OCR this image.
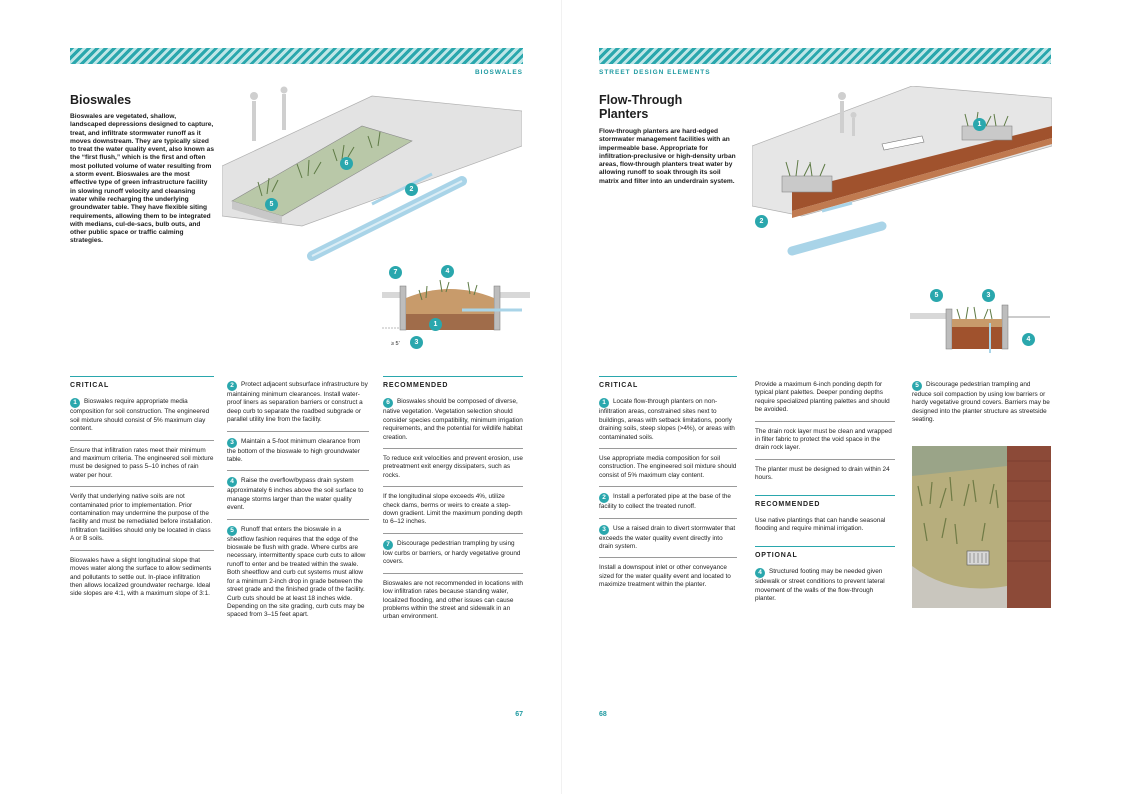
BIOSWALES
Bioswales
Bioswales are vegetated, shallow, landscaped depressions designed to capture, treat, and infiltrate stormwater runoff as it moves downstream. They are typically sized to treat the water quality event, also known as the “first flush,” which is the first and often most polluted volume of water resulting from a storm event. Bioswales are the most effective type of green infrastructure facility in slowing runoff velocity and cleansing water while recharging the underlying groundwater table. They have flexible siting requirements, allowing them to be integrated with medians, cul-de-sacs, bulb outs, and other public space or traffic calming strategies.
6
2
5
7	4
1
3
≥ 5'
CRITICAL
1 Bioswales require appropriate media composition for soil construction. The engineered soil mixture should consist of 5% maximum clay content.
Ensure that infiltration rates meet their minimum and maximum criteria. The engineered soil mixture must be designed to pass 5–10 inches of rain water per hour.
Verify that underlying native soils are not contaminated prior to implementation. Prior contamination may undermine the purpose of the facility and must be remediated before installation. Infiltration facilities should only be located in class A or B soils.
Bioswales have a slight longitudinal slope that moves water along the surface to allow sediments and pollutants to settle out. In-place infiltration then allows localized groundwater recharge. Ideal side slopes are 4:1, with a maximum slope of 3:1.
2 Protect adjacent subsurface infrastructure by maintaining minimum clearances. Install water-proof liners as separation barriers or construct a deep curb to separate the roadbed subgrade or parallel utility line from the facility.
3 Maintain a 5-foot minimum clearance from the bottom of the bioswale to high groundwater table.
4 Raise the overflow/bypass drain system approximately 6 inches above the soil surface to manage storms larger than the water quality event.
5 Runoff that enters the bioswale in a sheetflow fashion requires that the edge of the bioswale be flush with grade. Where curbs are necessary, intermittently space curb cuts to allow runoff to enter and be treated within the swale. Both sheetflow and curb cut systems must allow for a minimum 2-inch drop in grade between the street grade and the finished grade of the facility. Curb cuts should be at least 18 inches wide. Depending on the site grading, curb cuts may be spaced from 3–15 feet apart.
RECOMMENDED
6 Bioswales should be composed of diverse, native vegetation. Vegetation selection should consider species compatibility, minimum irrigation requirements, and the potential for wildlife habitat creation.
To reduce exit velocities and prevent erosion, use pretreatment exit energy dissipaters, such as rocks.
If the longitudinal slope exceeds 4%, utilize check dams, berms or weirs to create a step-down gradient. Limit the maximum ponding depth to 6–12 inches.
7 Discourage pedestrian trampling by using low curbs or barriers, or hardy vegetative ground covers.
Bioswales are not recommended in locations with low infiltration rates because standing water, localized flooding, and other issues can cause problems within the street and sidewalk in an urban environment.
67
STREET DESIGN ELEMENTS
Flow-Through Planters
Flow-through planters are hard-edged stormwater management facilities with an impermeable base. Appropriate for infiltration-preclusive or high-density urban areas, flow-through planters treat water by allowing runoff to soak through its soil matrix and filter into an underdrain system.
1
2
5	3
4
CRITICAL
1 Locate flow-through planters on non-infiltration areas, constrained sites next to buildings, areas with setback limitations, poorly draining soils, steep slopes (>4%), or areas with contaminated soils.
Use appropriate media composition for soil construction. The engineered soil mixture should consist of 5% maximum clay content.
2 Install a perforated pipe at the base of the facility to collect the treated runoff.
3 Use a raised drain to divert stormwater that exceeds the water quality event directly into drain system.
Install a downspout inlet or other conveyance sized for the water quality event and located to maximize treatment within the planter.
Provide a maximum 6-inch ponding depth for typical plant palettes. Deeper ponding depths require specialized planting palettes and should be avoided.
The drain rock layer must be clean and wrapped in filter fabric to protect the void space in the drain rock layer.
The planter must be designed to drain within 24 hours.
RECOMMENDED
Use native plantings that can handle seasonal flooding and require minimal irrigation.
OPTIONAL
4 Structured footing may be needed given sidewalk or street conditions to prevent lateral movement of the walls of the flow-through planter.
5 Discourage pedestrian trampling and reduce soil compaction by using low barriers or hardy vegetative ground covers. Barriers may be designed into the planter structure as streetside seating.
68
